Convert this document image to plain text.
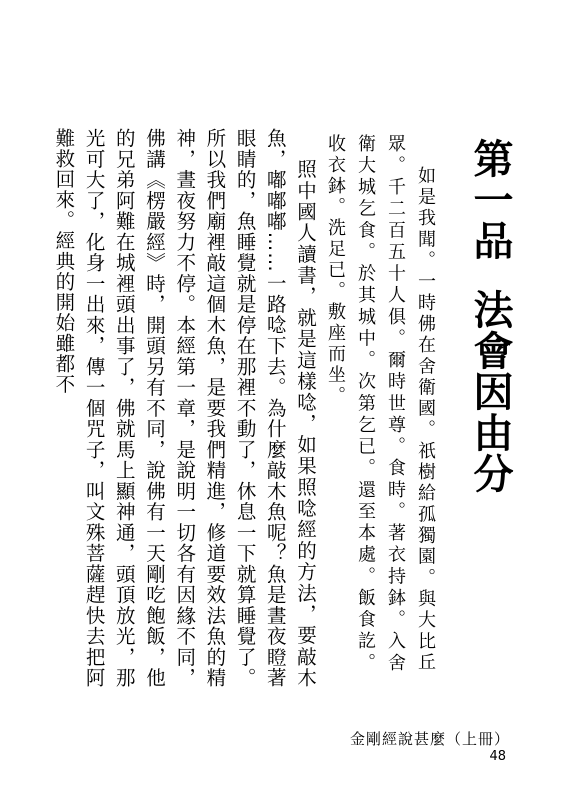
第一品法會因由分

如是我聞。一時佛在舍衛國。祇樹給孤獨園。與大比丘眾。千二百五十人俱。爾時世尊。食時。著衣持鉢。入舍衛大城乞食。於其城中。次第乞已。還至本處。飯食訖。收衣鉢。洗足已。敷座而坐。

照中國人讀書，就是這樣唸，如果照唸經的方法，要敲木魚，嘟嘟嘟……一路唸下去。為什麼敲木魚呢？魚是晝夜瞪著眼睛的，魚睡覺就是停在那裡不動了，休息一下就算睡覺了。所以我們廟裡敲這個木魚，是要我們精進，修道要效法魚的精神，晝夜努力不停。本經第一章，是說明一切各有因緣不同，佛講《楞嚴經》時，開頭另有不同，說佛有一天剛吃飽飯，他的兄弟阿難在城裡頭出事了，佛就馬上顯神通，頭頂放光，那光可大了，化身一出來，傳一個咒子，叫文殊菩薩趕快去把阿難救回來。經典的開始雖都不

金剛經說甚麼（上冊）
48
